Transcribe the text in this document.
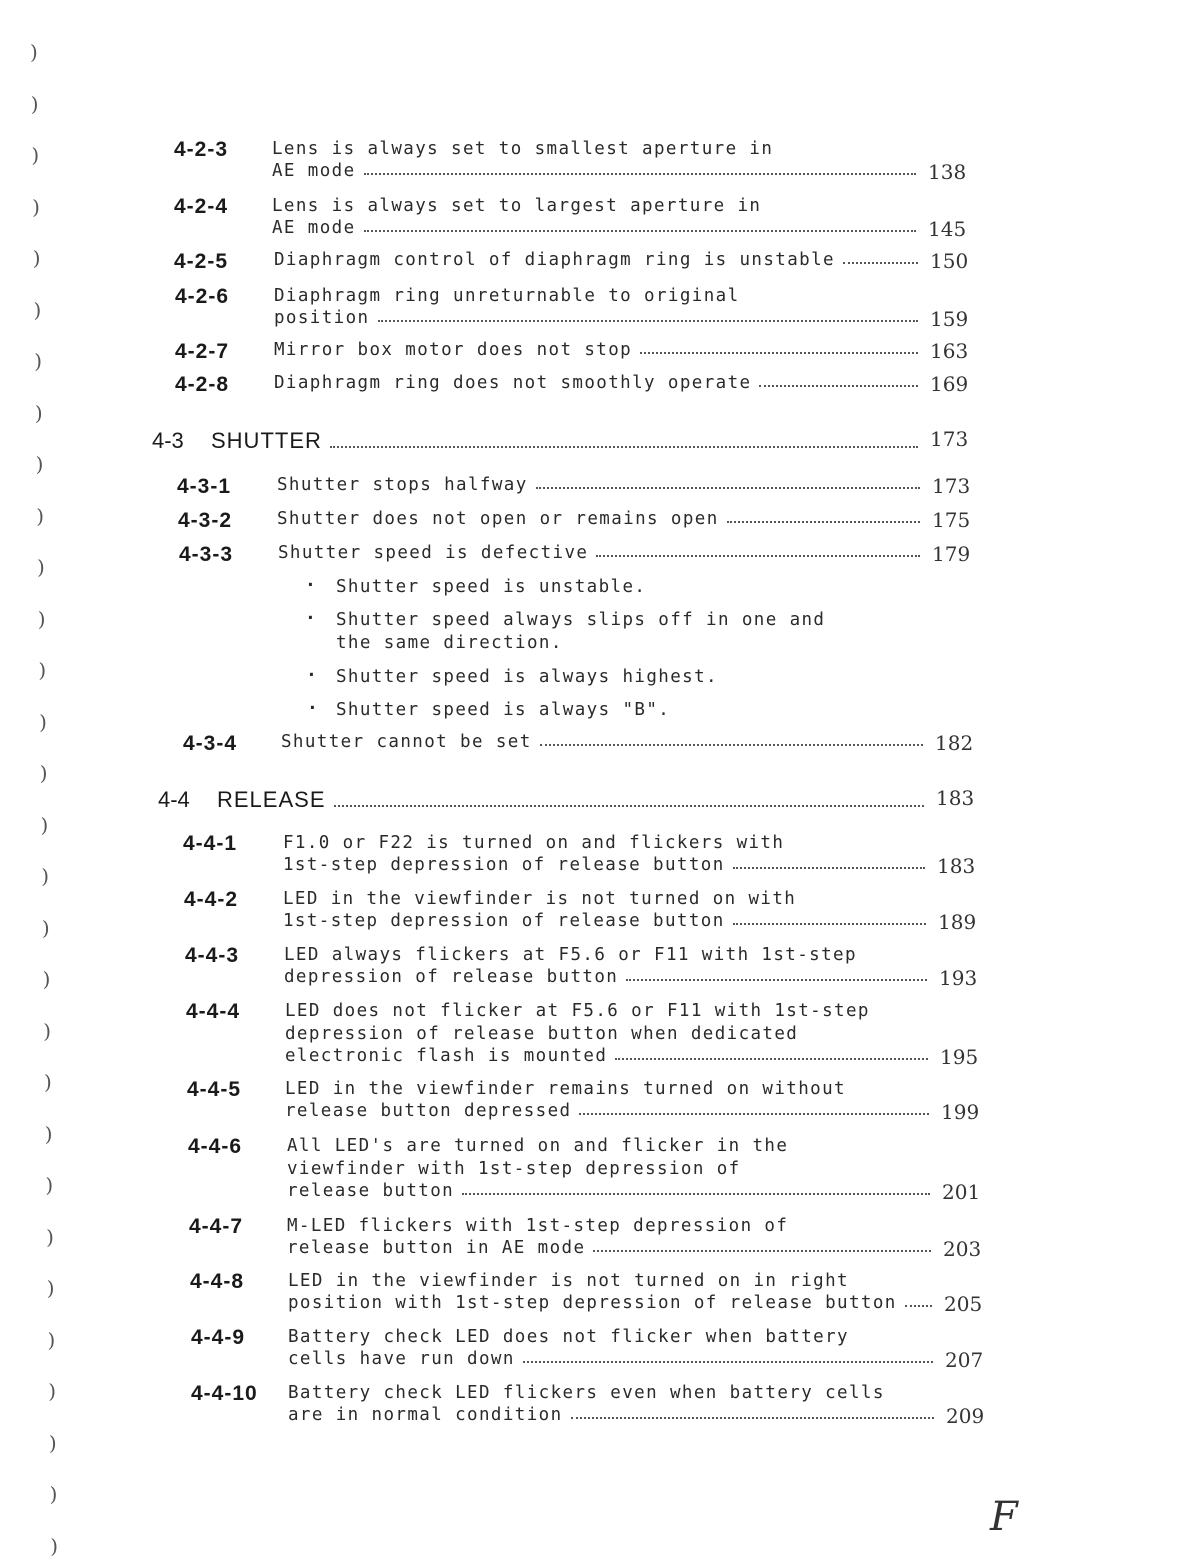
)
)
)
)
)
)
)
)
)
)
)
)
)
)
)
)
)
)
)
)
)
)
)
)
)
)
)
)
)
)
4-2-3	Lens is always set to smallest aperture in
AE mode	138
4-2-4	Lens is always set to largest aperture in
AE mode	145
4-2-5	Diaphragm control of diaphragm ring is unstable	150
4-2-6	Diaphragm ring unreturnable to original
position	159
4-2-7	Mirror box motor does not stop	163
4-2-8	Diaphragm ring does not smoothly operate	169
4-3 SHUTTER	173
4-3-1	Shutter stops halfway	173
4-3-2	Shutter does not open or remains open	175
4-3-3	Shutter speed is defective	179
. Shutter speed is unstable.
. Shutter speed always slips off in one and
the same direction.
. Shutter speed is always highest.
. Shutter speed is always "B".
4-3-4	Shutter cannot be set	182
4-4 RELEASE	183
4-4-1	F1.0 or F22 is turned on and flickers with
1st-step depression of release button	183
4-4-2	LED in the viewfinder is not turned on with
1st-step depression of release button	189
4-4-3	LED always flickers at F5.6 or F11 with 1st-step
depression of release button	193
4-4-4	LED does not flicker at F5.6 or F11 with 1st-step
depression of release button when dedicated
electronic flash is mounted	195
4-4-5	LED in the viewfinder remains turned on without
release button depressed	199
4-4-6	All LED's are turned on and flicker in the
viewfinder with 1st-step depression of
release button	201
4-4-7	M-LED flickers with 1st-step depression of
release button in AE mode	203
4-4-8	LED in the viewfinder is not turned on in right
position with 1st-step depression of release button 205
4-4-9 Battery check LED does not flicker when battery
cells have run down	207
4-4-10 Battery check LED flickers even when battery cells
are in normal condition	209
F
